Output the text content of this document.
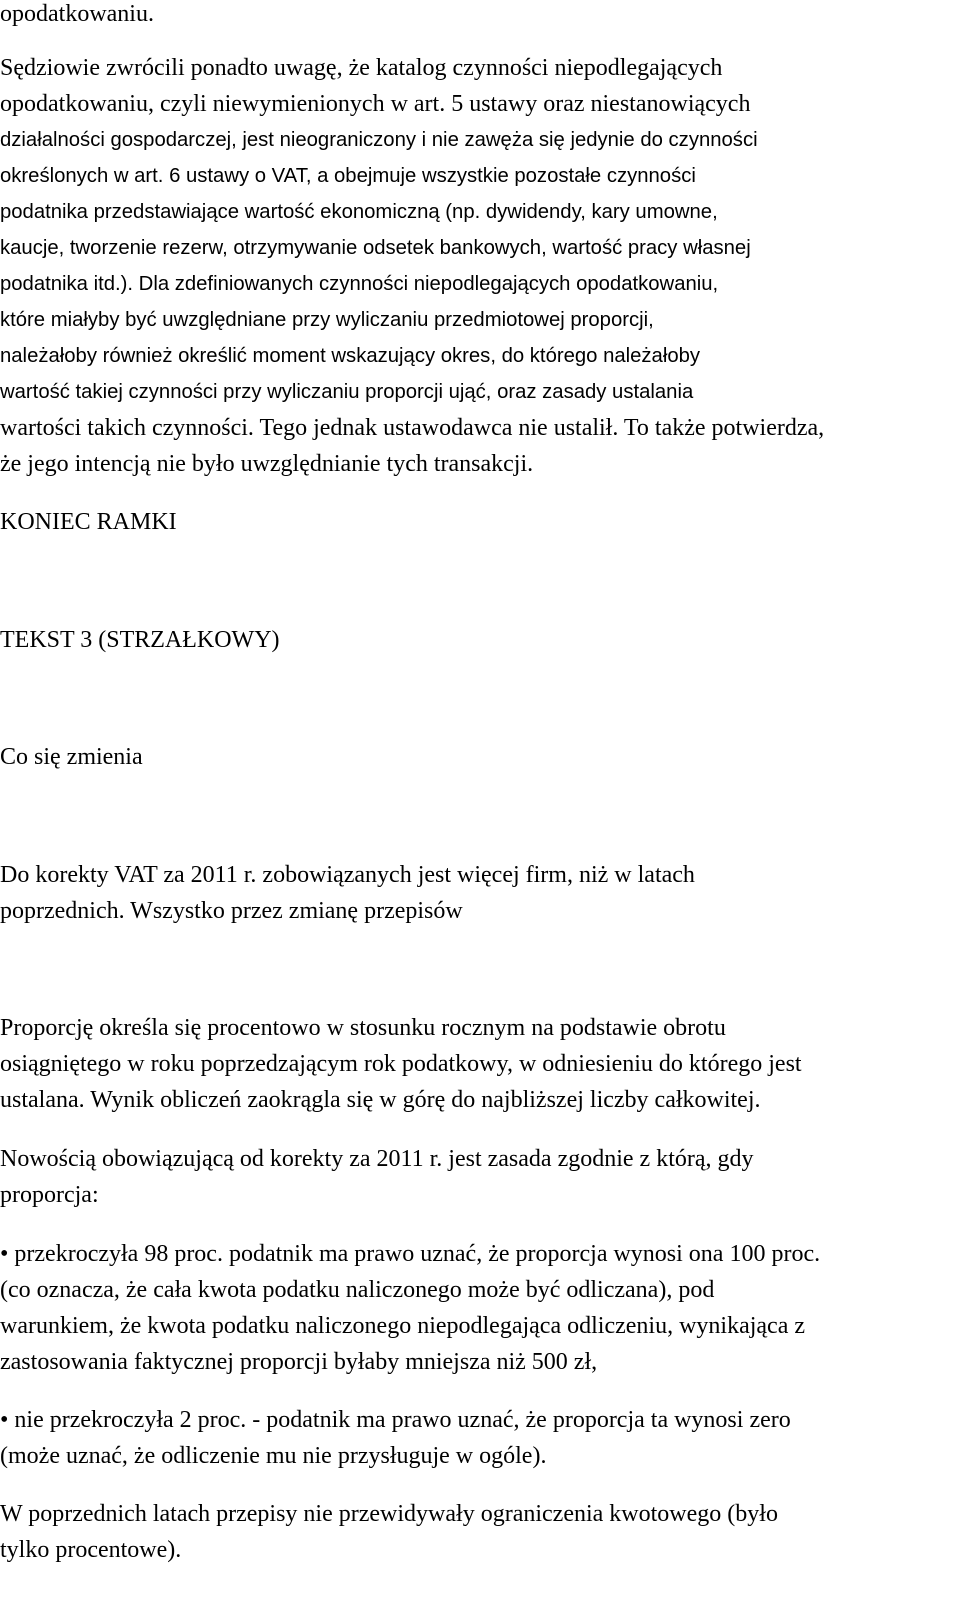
opodatkowaniu.

Sędziowie zwrócili ponadto uwagę, że katalog czynności niepodlegających
opodatkowaniu, czyli niewymienionych w art. 5 ustawy oraz niestanowiących
działalności gospodarczej, jest nieograniczony i nie zawęża się jedynie do czynności
określonych w art. 6 ustawy o VAT, a obejmuje wszystkie pozostałe czynności
podatnika przedstawiające wartość ekonomiczną (np. dywidendy, kary umowne,
kaucje, tworzenie rezerw, otrzymywanie odsetek bankowych, wartość pracy własnej
podatnika itd.). Dla zdefiniowanych czynności niepodlegających opodatkowaniu,
które miałyby być uwzględniane przy wyliczaniu przedmiotowej proporcji,
należałoby również określić moment wskazujący okres, do którego należałoby
wartość takiej czynności przy wyliczaniu proporcji ująć, oraz zasady ustalania
wartości takich czynności. Tego jednak ustawodawca nie ustalił. To także potwierdza,
że jego intencją nie było uwzględnianie tych transakcji.

KONIEC RAMKI

TEKST 3 (STRZAŁKOWY)

Co się zmienia

Do korekty VAT za 2011 r. zobowiązanych jest więcej firm, niż w latach
poprzednich. Wszystko przez zmianę przepisów

Proporcję określa się procentowo w stosunku rocznym na podstawie obrotu
osiągniętego w roku poprzedzającym rok podatkowy, w odniesieniu do którego jest
ustalana. Wynik obliczeń zaokrągla się w górę do najbliższej liczby całkowitej.

Nowością obowiązującą od korekty za 2011 r. jest zasada zgodnie z którą, gdy
proporcja:

• przekroczyła 98 proc. podatnik ma prawo uznać, że proporcja wynosi ona 100 proc.
(co oznacza, że cała kwota podatku naliczonego może być odliczana), pod
warunkiem, że kwota podatku naliczonego niepodlegająca odliczeniu, wynikająca z
zastosowania faktycznej proporcji byłaby mniejsza niż 500 zł,

• nie przekroczyła 2 proc. - podatnik ma prawo uznać, że proporcja ta wynosi zero
(może uznać, że odliczenie mu nie przysługuje w ogóle).

W poprzednich latach przepisy nie przewidywały ograniczenia kwotowego (było
tylko procentowe).
